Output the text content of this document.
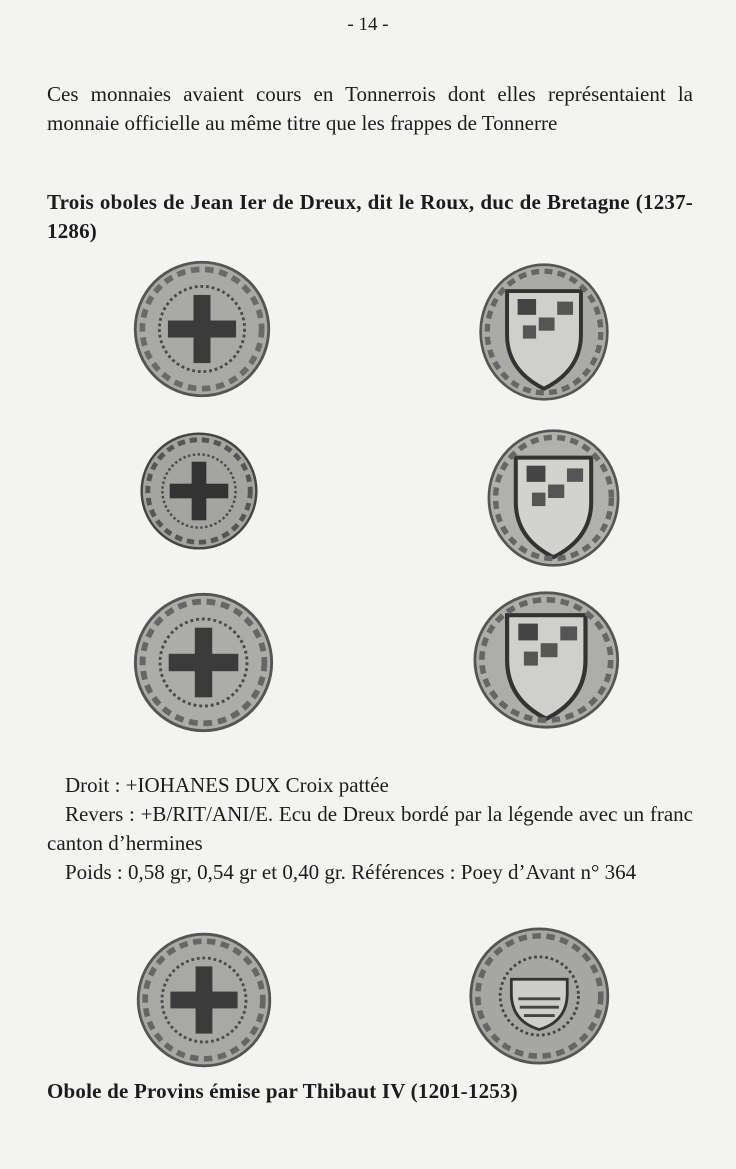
- 14 -
Ces monnaies avaient cours en Tonnerrois dont elles représentaient la monnaie officielle au même titre que les frappes de Tonnerre
Trois oboles de Jean Ier de Dreux, dit le Roux, duc de Bretagne (1237-1286)

Droit : +IOHANES DUX Croix pattée

Revers : +B/RIT/ANI/E. Ecu de Dreux bordé par la légende avec un franc canton d’hermines

Poids : 0,58 gr, 0,54 gr et 0,40 gr. Références : Poey d’Avant n° 364

Obole de Provins émise par Thibaut IV (1201-1253)
